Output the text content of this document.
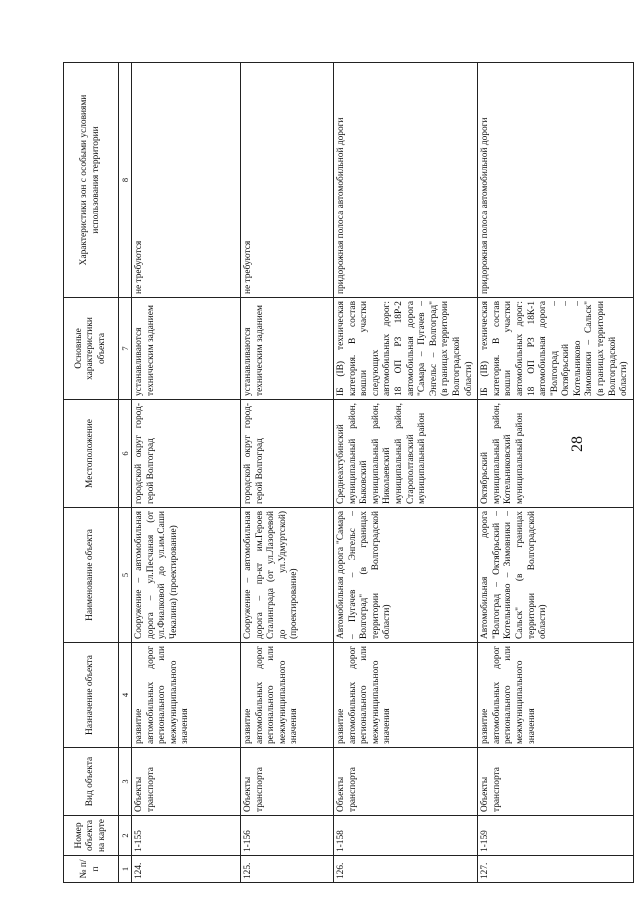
28
№ п/п	Номер объекта на карте	Вид объекта	Назначение объекта	Наименование объекта	Местоположение	Основные характеристики объекта	Характеристики зон с особыми условиями использования территории
1	2	3	4	5	6	7	8
124.	1-155	Объекты транспорта	развитие автомобильных дорог регионального или межмуниципального значения	Сооружение – автомобильная дорога – ул.Песчаная (от ул.Фиалковой до ул.им.Саши Чекалина) (проектирование)	городской округ город-герой Волгоград	устанавливаются техническим заданием	не требуются
125.	1-156	Объекты транспорта	развитие автомобильных дорог регионального или межмуниципального значения	Сооружение – автомобильная дорога – пр-кт им.Героев Сталинграда (от ул.Лазоревой до ул.Удмуртской) (проектирование)	городской округ город-герой Волгоград	устанавливаются техническим заданием	не требуются
126.	1-158	Объекты транспорта	развитие автомобильных дорог регионального или межмуниципального значения	Автомобильная дорога "Самара – Пугачев – Энгельс – Волгоград" (в границах территории Волгоградской области)	Среднеахтубинский муниципальный район, Быковский муниципальный район, Николаевский муниципальный район, Старополтавский муниципальный район	IБ (IВ) техническая категория. В состав вошли участки следующих автомобильных дорог: 18 ОП РЗ 18Р-2 автомобильная дорога "Самара – Пугачев – Энгельс – Волгоград" (в границах территории Волгоградской области)	придорожная полоса автомобильной дороги
127.	1-159	Объекты транспорта	развитие автомобильных дорог регионального или межмуниципального значения	Автомобильная дорога "Волгоград – Октябрьский – Котельниково – Зимовники – Сальск" (в границах территории Волгоградской области)	Октябрьский муниципальный район, Котельниковский муниципальный район	IБ (IВ) техническая категория. В состав вошли участки автомобильных дорог: 18 ОП РЗ 18К-1 автомобильная дорога "Волгоград – Октябрьский – Котельниково – Зимовники – Сальск" (в границах территории Волгоградской области)	придорожная полоса автомобильной дороги
